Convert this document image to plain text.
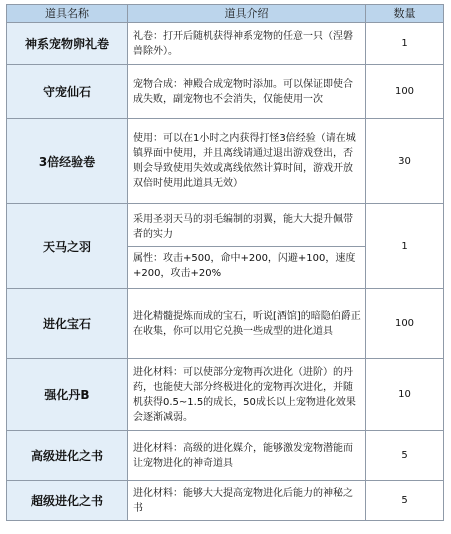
道具名称	道具介绍	数量
神系宠物卵礼卷	礼卷：打开后随机获得神系宠物的任意一只（涅磐兽除外）。	1
守宠仙石	宠物合成：神殿合成宠物时添加。可以保证即使合成失败，副宠物也不会消失，仅能使用一次	100
3倍经验卷	使用：可以在1小时之内获得打怪3倍经验（请在城镇界面中使用，并且离线请通过退出游戏登出，否则会导致使用失效或离线依然计算时间，游戏开放双倍时使用此道具无效）	30
天马之羽	采用圣羽天马的羽毛编制的羽翼，能大大提升佩带者的实力
属性：攻击+500，命中+200，闪避+100，速度+200，攻击+20%	1
进化宝石	进化精髓提炼而成的宝石，听说[酒馆]的暗隐伯爵正在收集，你可以用它兑换一些成型的进化道具	100
强化丹B	进化材料：可以使部分宠物再次进化（进阶）的丹药，也能使大部分终极进化的宠物再次进化，并随机获得0.5~1.5的成长，50成长以上宠物进化效果会逐渐减弱。	10
高级进化之书	进化材料：高级的进化媒介，能够激发宠物潜能而让宠物进化的神奇道具	5
超级进化之书	进化材料：能够大大提高宠物进化后能力的神秘之书	5
